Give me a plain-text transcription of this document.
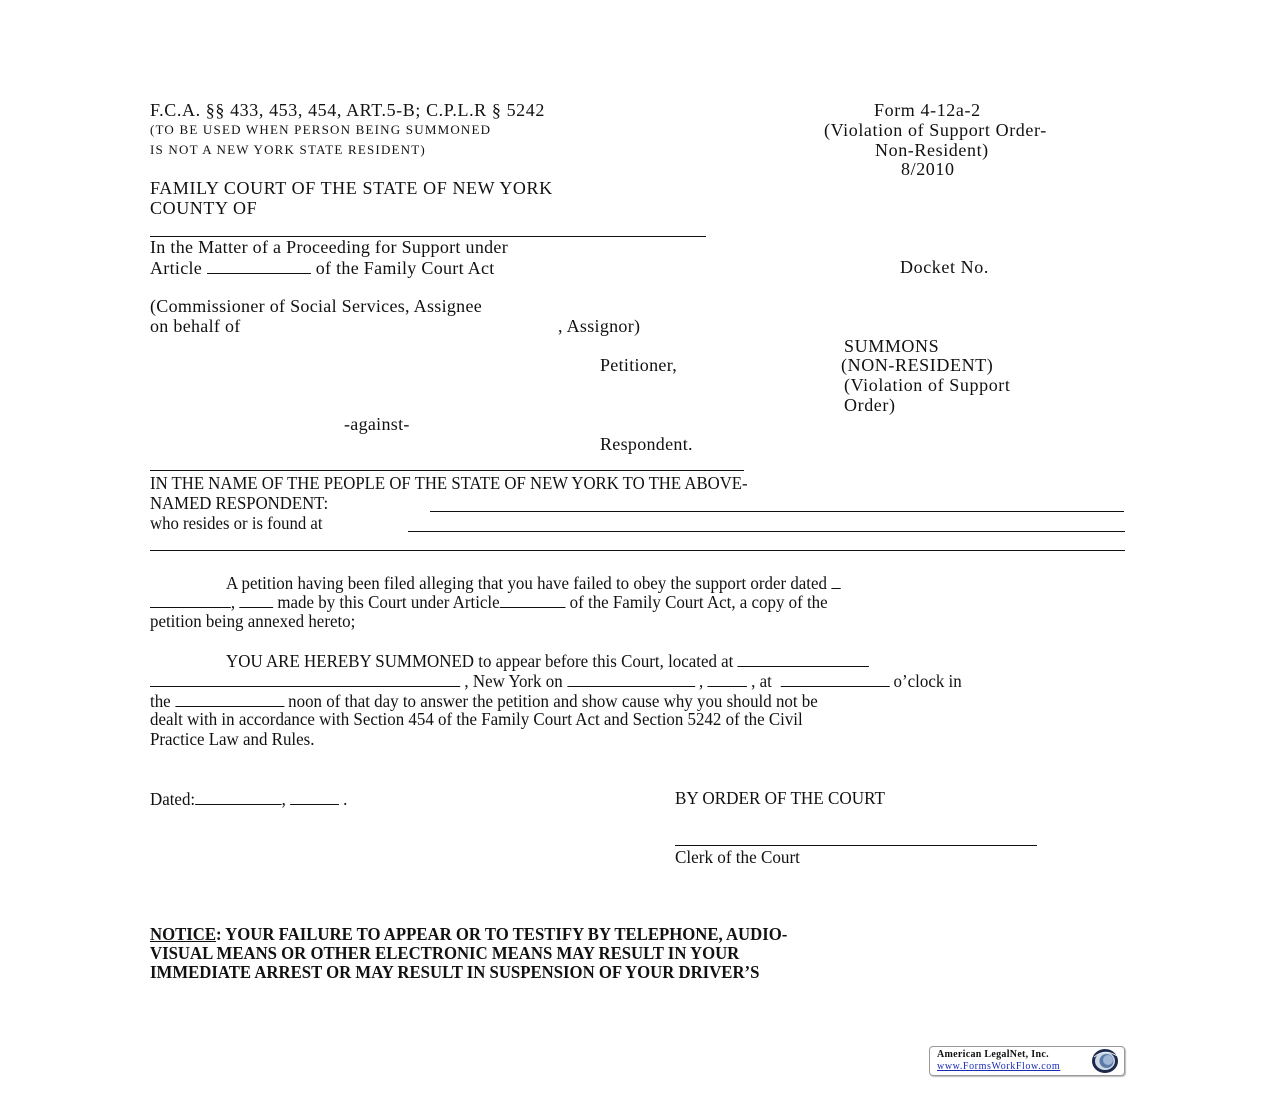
F.C.A. §§ 433, 453, 454, ART.5-B; C.P.L.R § 5242
(TO BE USED WHEN PERSON BEING SUMMONED
IS NOT A NEW YORK STATE RESIDENT)
Form 4-12a-2
(Violation of Support Order-
Non-Resident)
8/2010
FAMILY COURT OF THE STATE OF NEW YORK
COUNTY OF
In the Matter of a Proceeding for Support under
Article	of the Family Court Act	Docket No.
(Commissioner of Social Services, Assignee
on behalf of	, Assignor)
Petitioner,
-against-
Respondent.
SUMMONS
(NON-RESIDENT)
(Violation of Support
Order)
IN THE NAME OF THE PEOPLE OF THE STATE OF NEW YORK TO THE ABOVE-
NAMED RESPONDENT:
who resides or is found at
A petition having been filed alleging that you have failed to obey the support order dated
, made by this Court under Article	of the Family Court Act, a copy of the
petition being annexed hereto;
YOU ARE HEREBY SUMMONED to appear before this Court, located at
, New York on	,	, at	o’clock in
the	noon of that day to answer the petition and show cause why you should not be
dealt with in accordance with Section 454 of the Family Court Act and Section 5242 of the Civil
Practice Law and Rules.
Dated:	,	.	BY ORDER OF THE COURT
Clerk of the Court
NOTICE: YOUR FAILURE TO APPEAR OR TO TESTIFY BY TELEPHONE, AUDIO-
VISUAL MEANS OR OTHER ELECTRONIC MEANS MAY RESULT IN YOUR
IMMEDIATE ARREST OR MAY RESULT IN SUSPENSION OF YOUR DRIVER’S
American LegalNet, Inc.
www.FormsWorkFlow.com
